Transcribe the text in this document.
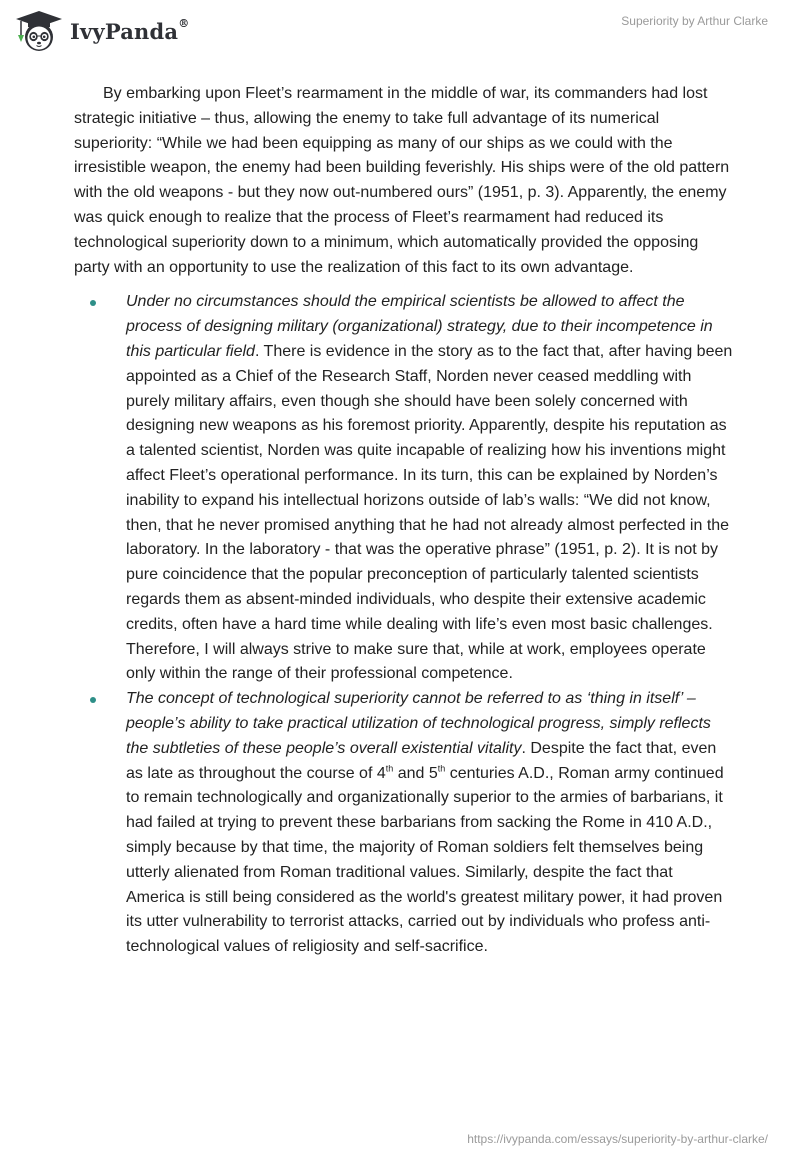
IvyPanda®	Superiority by Arthur Clarke

By embarking upon Fleet’s rearmament in the middle of war, its commanders had lost strategic initiative – thus, allowing the enemy to take full advantage of its numerical superiority: “While we had been equipping as many of our ships as we could with the irresistible weapon, the enemy had been building feverishly. His ships were of the old pattern with the old weapons - but they now out-numbered ours” (1951, p. 3). Apparently, the enemy was quick enough to realize that the process of Fleet’s rearmament had reduced its technological superiority down to a minimum, which automatically provided the opposing party with an opportunity to use the realization of this fact to its own advantage.

Under no circumstances should the empirical scientists be allowed to affect the process of designing military (organizational) strategy, due to their incompetence in this particular field. There is evidence in the story as to the fact that, after having been appointed as a Chief of the Research Staff, Norden never ceased meddling with purely military affairs, even though she should have been solely concerned with designing new weapons as his foremost priority. Apparently, despite his reputation as a talented scientist, Norden was quite incapable of realizing how his inventions might affect Fleet’s operational performance. In its turn, this can be explained by Norden’s inability to expand his intellectual horizons outside of lab’s walls: “We did not know, then, that he never promised anything that he had not already almost perfected in the laboratory. In the laboratory - that was the operative phrase” (1951, p. 2). It is not by pure coincidence that the popular preconception of particularly talented scientists regards them as absent-minded individuals, who despite their extensive academic credits, often have a hard time while dealing with life’s even most basic challenges. Therefore, I will always strive to make sure that, while at work, employees operate only within the range of their professional competence.
The concept of technological superiority cannot be referred to as ‘thing in itself’ – people’s ability to take practical utilization of technological progress, simply reflects the subtleties of these people’s overall existential vitality. Despite the fact that, even as late as throughout the course of 4th and 5th centuries A.D., Roman army continued to remain technologically and organizationally superior to the armies of barbarians, it had failed at trying to prevent these barbarians from sacking the Rome in 410 A.D., simply because by that time, the majority of Roman soldiers felt themselves being utterly alienated from Roman traditional values. Similarly, despite the fact that America is still being considered as the world's greatest military power, it had proven its utter vulnerability to terrorist attacks, carried out by individuals who profess anti-technological values of religiosity and self-sacrifice.
https://ivypanda.com/essays/superiority-by-arthur-clarke/
